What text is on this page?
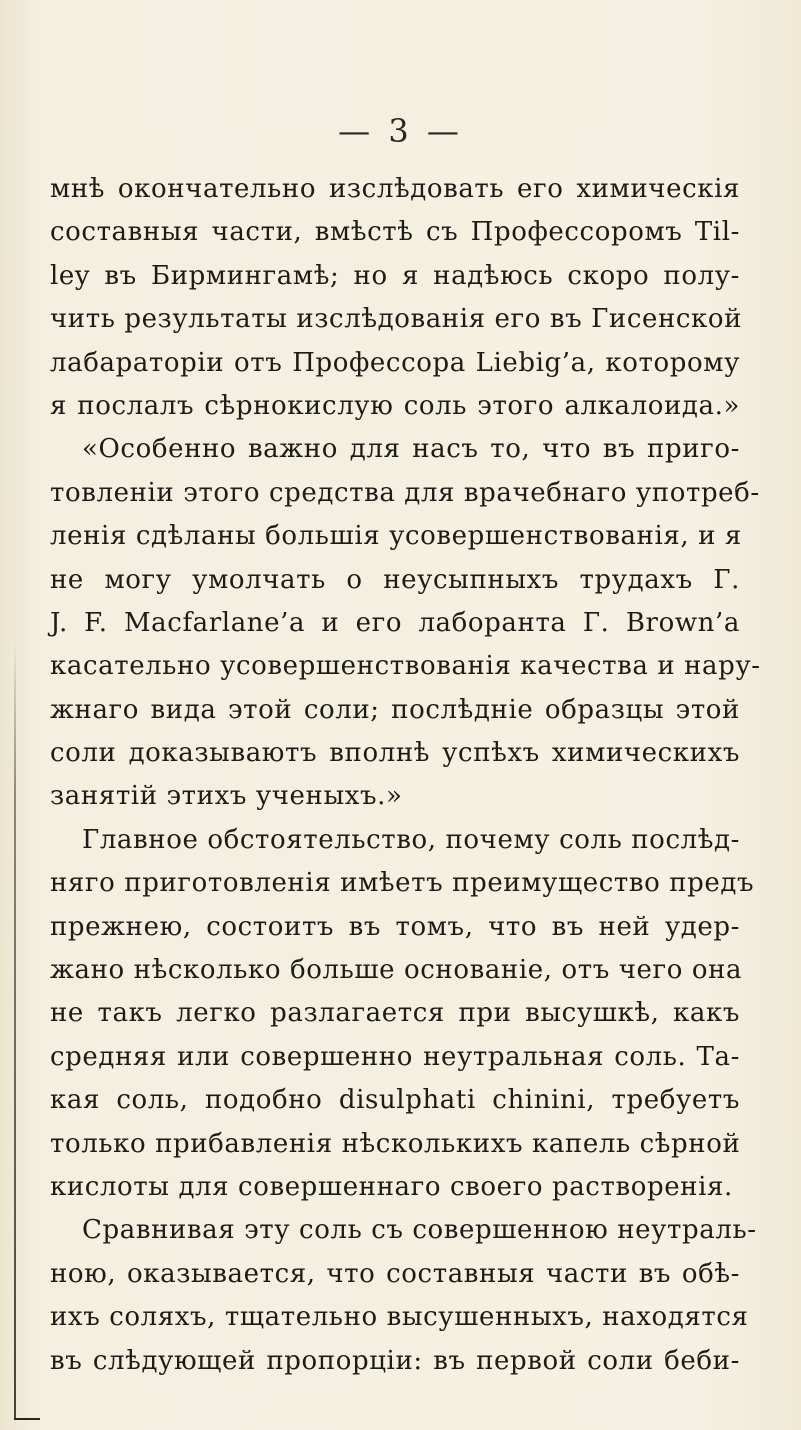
— 3 —
мнѣ окончательно изслѣдовать его химическія
составныя части, вмѣстѣ съ Профессоромъ Til-
ley въ Бирмингамѣ; но я надѣюсь скоро полу-
чить результаты изслѣдованія его въ Гисенской
лабараторіи отъ Профессора Liebig’a, которому
я послалъ сѣрнокислую соль этого алкалоида.»
«Особенно важно для насъ то, что въ приго-
товленіи этого средства для врачебнаго употреб-
ленія сдѣланы большія усовершенствованія, и я
не могу умолчать о неусыпныхъ трудахъ Г.
J. F. Macfarlane’a и его лаборанта Г. Brown’a
касательно усовершенствованія качества и нару-
жнаго вида этой соли; послѣдніе образцы этой
соли доказываютъ вполнѣ успѣхъ химическихъ
занятій этихъ ученыхъ.»
Главное обстоятельство, почему соль послѣд-
няго приготовленія имѣетъ преимущество предъ
прежнею, состоитъ въ томъ, что въ ней удер-
жано нѣсколько больше основаніе, отъ чего она
не такъ легко разлагается при высушкѣ, какъ
средняя или совершенно неутральная соль. Та-
кая соль, подобно disulphati chinini, требуетъ
только прибавленія нѣсколькихъ капель сѣрной
кислоты для совершеннаго своего растворенія.
Сравнивая эту соль съ совершенною неутраль-
ною, оказывается, что составныя части въ обѣ-
ихъ соляхъ, тщательно высушенныхъ, находятся
въ слѣдующей пропорціи: въ первой соли беби-
